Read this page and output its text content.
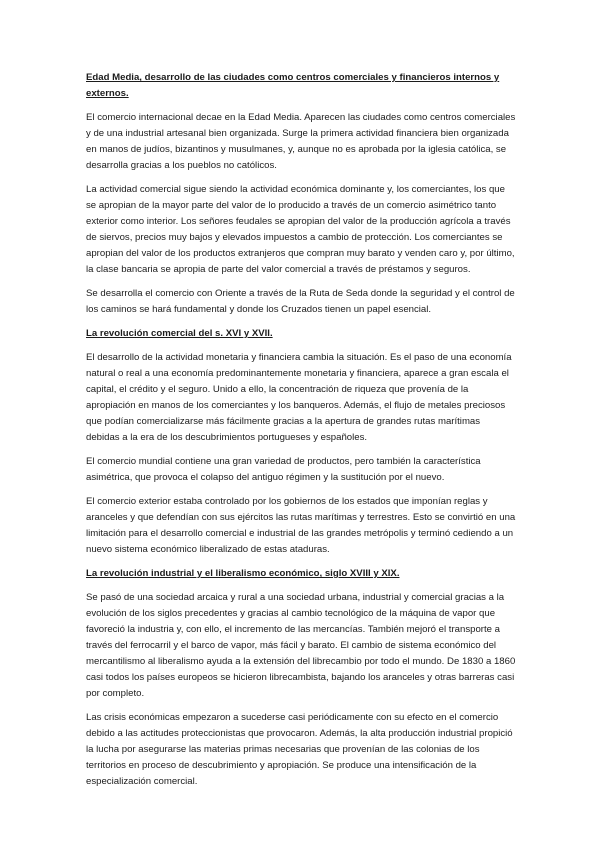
Edad Media, desarrollo de las ciudades como centros comerciales y financieros internos y externos.

El comercio internacional decae en la Edad Media. Aparecen las ciudades como centros comerciales y de una industrial artesanal bien organizada. Surge la primera actividad financiera bien organizada en manos de judíos, bizantinos y musulmanes, y, aunque no es aprobada por la iglesia católica, se desarrolla gracias a los pueblos no católicos.

La actividad comercial sigue siendo la actividad económica dominante y, los comerciantes, los que se apropian de la mayor parte del valor de lo producido a través de un comercio asimétrico tanto exterior como interior. Los señores feudales se apropian del valor de la producción agrícola a través de siervos, precios muy bajos y elevados impuestos a cambio de protección. Los comerciantes se apropian del valor de los productos extranjeros que compran muy barato y venden caro y, por último, la clase bancaria se apropia de parte del valor comercial a través de préstamos y seguros.

Se desarrolla el comercio con Oriente a través de la Ruta de Seda donde la seguridad y el control de los caminos se hará fundamental y donde los Cruzados tienen un papel esencial.

La revolución comercial del s. XVI y XVII.

El desarrollo de la actividad monetaria y financiera cambia la situación. Es el paso de una economía natural o real a una economía predominantemente monetaria y financiera, aparece a gran escala el capital, el crédito y el seguro. Unido a ello, la concentración de riqueza que provenía de la apropiación en manos de los comerciantes y los banqueros. Además, el flujo de metales preciosos que podían comercializarse más fácilmente gracias a la apertura de grandes rutas marítimas debidas a la era de los descubrimientos portugueses y españoles.

El comercio mundial contiene una gran variedad de productos, pero también la característica asimétrica, que provoca el colapso del antiguo régimen y la sustitución por el nuevo.

El comercio exterior estaba controlado por los gobiernos de los estados que imponían reglas y aranceles y que defendían con sus ejércitos las rutas marítimas y terrestres. Esto se convirtió en una limitación para el desarrollo comercial e industrial de las grandes metrópolis y terminó cediendo a un nuevo sistema económico liberalizado de estas ataduras.

La revolución industrial y el liberalismo económico, siglo XVIII y XIX.

Se pasó de una sociedad arcaica y rural a una sociedad urbana, industrial y comercial gracias a la evolución de los siglos precedentes y gracias al cambio tecnológico de la máquina de vapor que favoreció la industria y, con ello, el incremento de las mercancías. También mejoró el transporte a través del ferrocarril y el barco de vapor, más fácil y barato. El cambio de sistema económico del mercantilismo al liberalismo ayuda a la extensión del librecambio por todo el mundo. De 1830 a 1860 casi todos los países europeos se hicieron librecambista, bajando los aranceles y otras barreras casi por completo.

Las crisis económicas empezaron a sucederse casi periódicamente con su efecto en el comercio debido a las actitudes proteccionistas que provocaron. Además, la alta producción industrial propició la lucha por asegurarse las materias primas necesarias que provenían de las colonias de los territorios en proceso de descubrimiento y apropiación. Se produce una intensificación de la especialización comercial.
